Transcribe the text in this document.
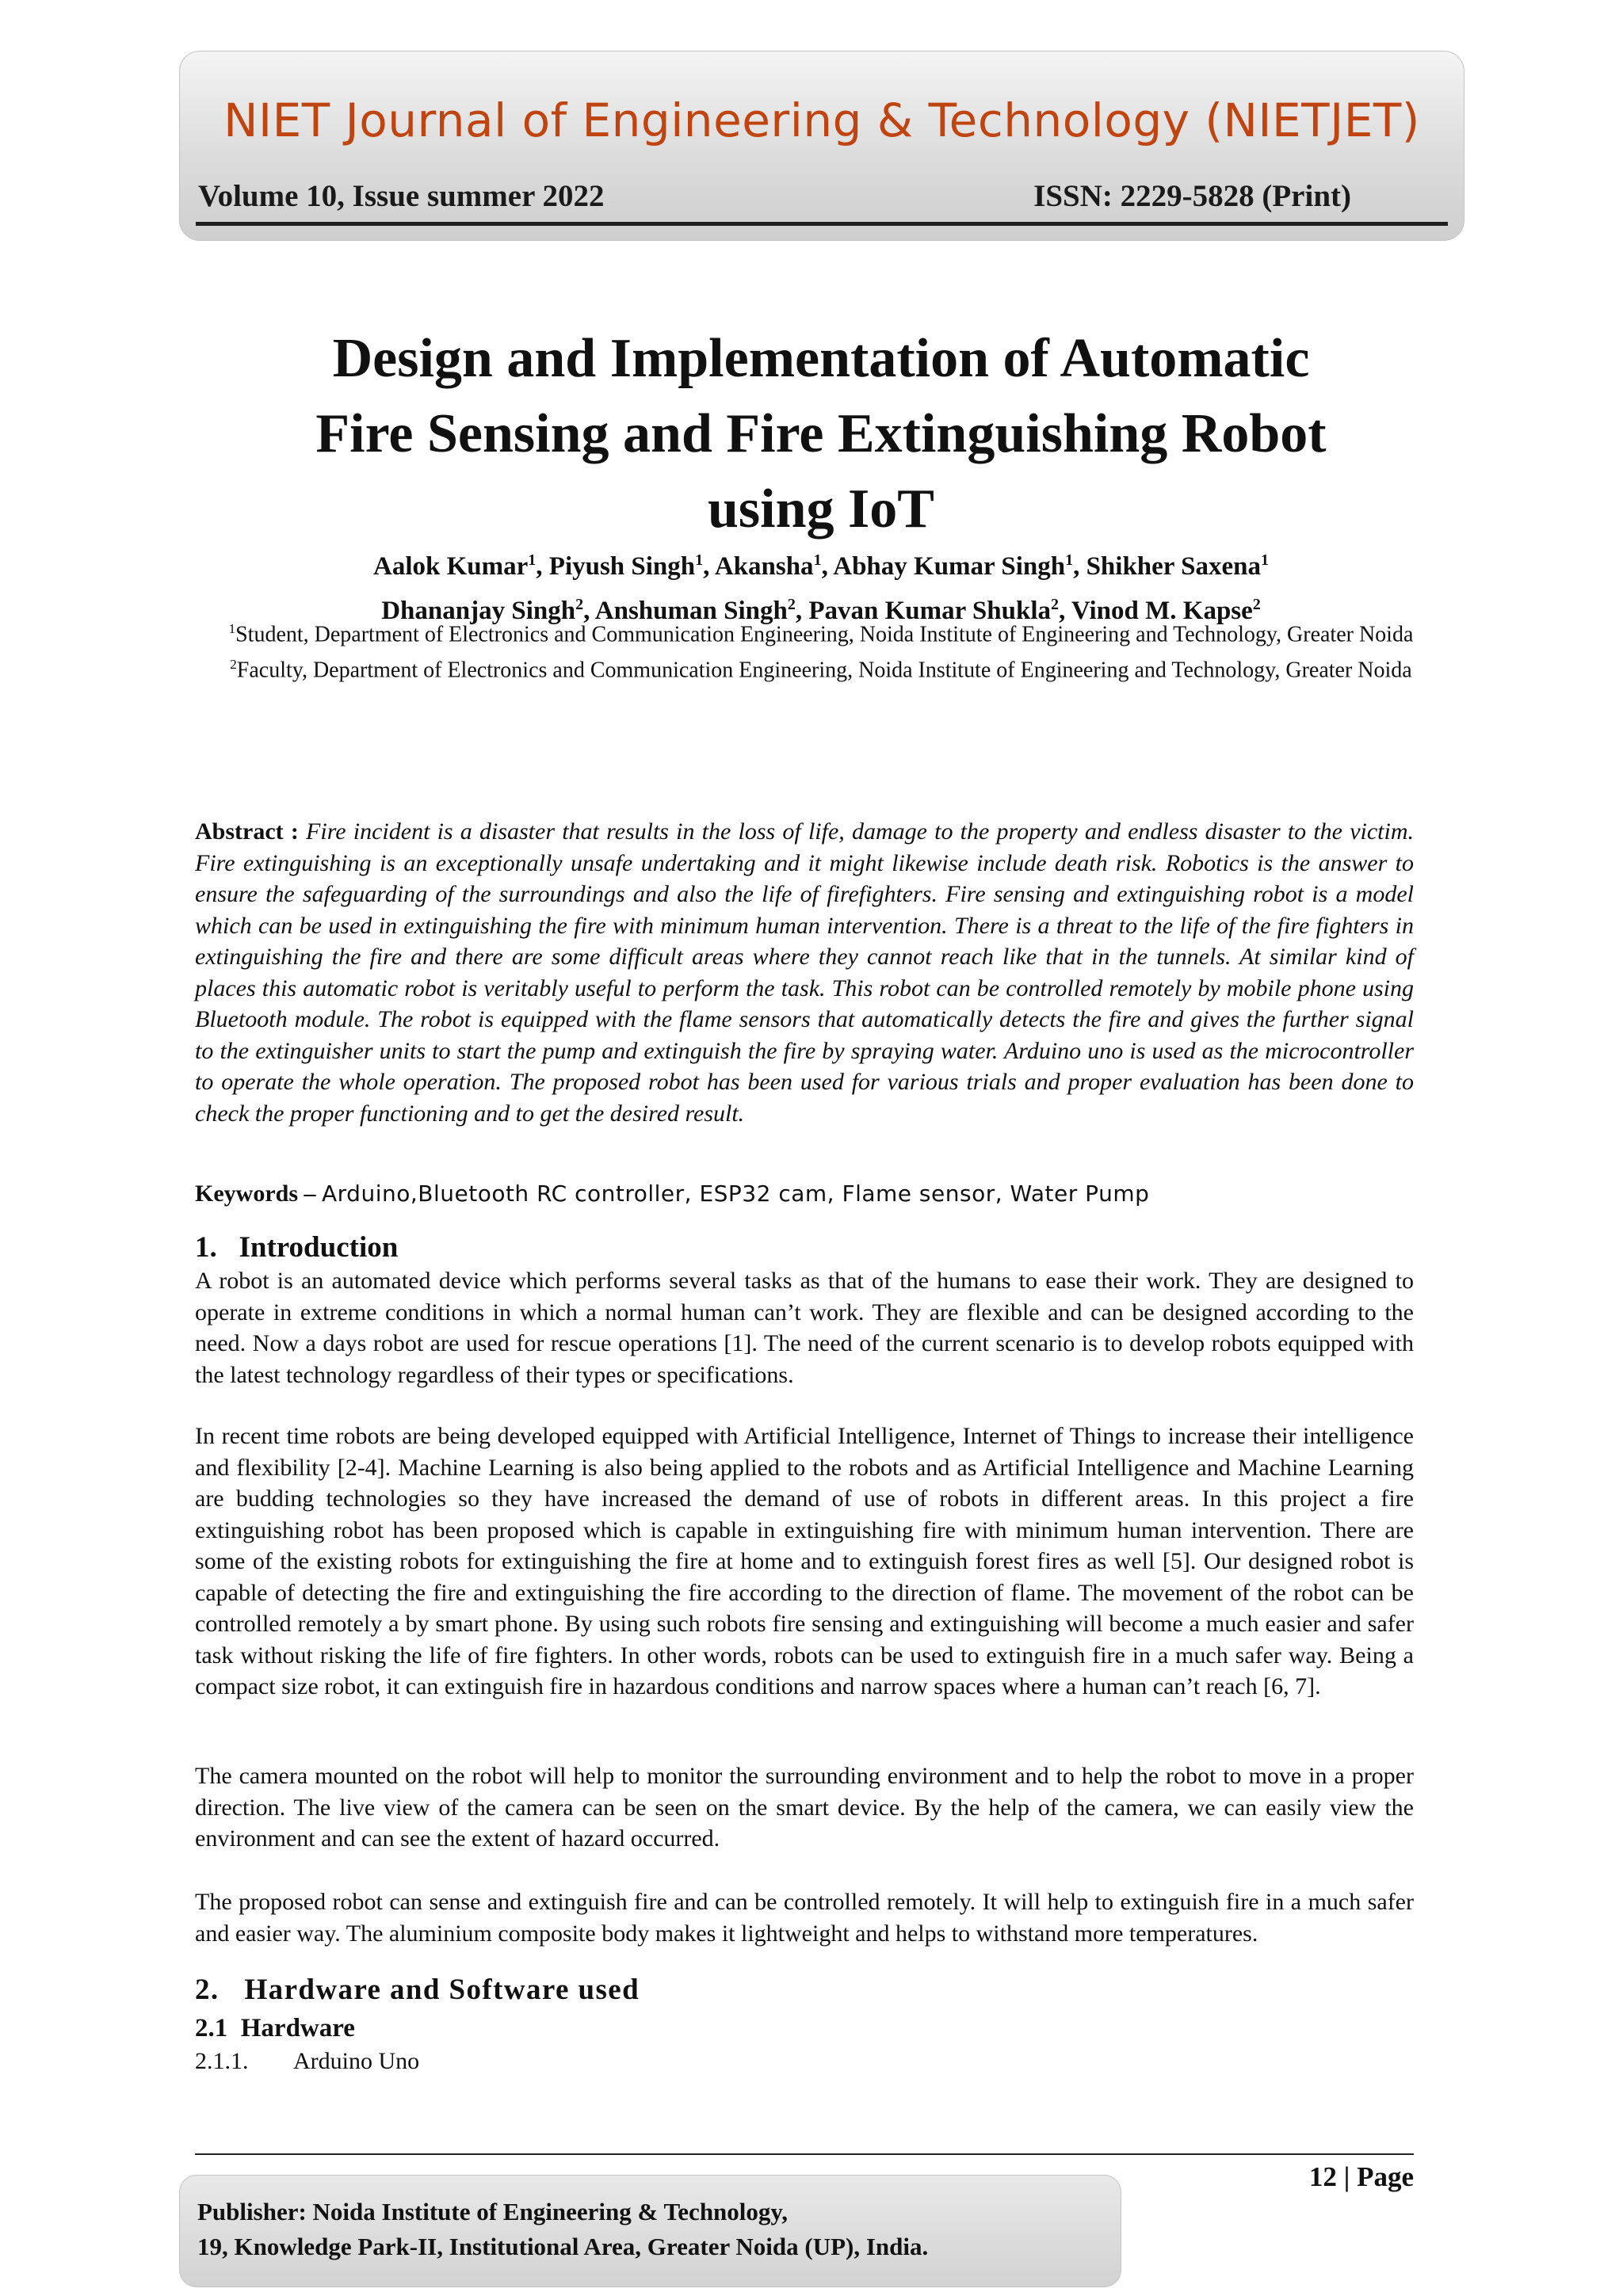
NIET Journal of Engineering & Technology (NIETJET)
Volume 10, Issue summer 2022	ISSN: 2229-5828 (Print)
Design and Implementation of Automatic
Fire Sensing and Fire Extinguishing Robot
using IoT
Aalok Kumar$^1$, Piyush Singh$^1$, Akansha$^1$, Abhay Kumar Singh$^1$, Shikher Saxena$^1$
Dhananjay Singh$^2$, Anshuman Singh$^2$, Pavan Kumar Shukla$^2$, Vinod M. Kapse$^2$
$^1$Student, Department of Electronics and Communication Engineering, Noida Institute of Engineering and Technology, Greater Noida
$^2$Faculty, Department of Electronics and Communication Engineering, Noida Institute of Engineering and Technology, Greater Noida
Abstract : Fire incident is a disaster that results in the loss of life, damage to the property and endless disaster to the victim. Fire extinguishing is an exceptionally unsafe undertaking and it might likewise include death risk. Robotics is the answer to ensure the safeguarding of the surroundings and also the life of firefighters. Fire sensing and extinguishing robot is a model which can be used in extinguishing the fire with minimum human intervention. There is a threat to the life of the fire fighters in extinguishing the fire and there are some difficult areas where they cannot reach like that in the tunnels. At similar kind of places this automatic robot is veritably useful to perform the task. This robot can be controlled remotely by mobile phone using Bluetooth module. The robot is equipped with the flame sensors that automatically detects the fire and gives the further signal to the extinguisher units to start the pump and extinguish the fire by spraying water. Arduino uno is used as the microcontroller to operate the whole operation. The proposed robot has been used for various trials and proper evaluation has been done to check the proper functioning and to get the desired result.
Keywords – Arduino,Bluetooth RC controller, ESP32 cam, Flame sensor, Water Pump
1.   Introduction
A robot is an automated device which performs several tasks as that of the humans to ease their work. They are designed to operate in extreme conditions in which a normal human can’t work. They are flexible and can be designed according to the need. Now a days robot are used for rescue operations [1]. The need of the current scenario is to develop robots equipped with the latest technology regardless of their types or specifications.
In recent time robots are being developed equipped with Artificial Intelligence, Internet of Things to increase their intelligence and flexibility [2-4]. Machine Learning is also being applied to the robots and as Artificial Intelligence and Machine Learning are budding technologies so they have increased the demand of use of robots in different areas. In this project a fire extinguishing robot has been proposed which is capable in extinguishing fire with minimum human intervention. There are some of the existing robots for extinguishing the fire at home and to extinguish forest fires as well [5]. Our designed robot is capable of detecting the fire and extinguishing the fire according to the direction of flame. The movement of the robot can be controlled remotely a by smart phone. By using such robots fire sensing and extinguishing will become a much easier and safer task without risking the life of fire fighters. In other words, robots can be used to extinguish fire in a much safer way. Being a compact size robot, it can extinguish fire in hazardous conditions and narrow spaces where a human can’t reach [6, 7].
The camera mounted on the robot will help to monitor the surrounding environment and to help the robot to move in a proper direction. The live view of the camera can be seen on the smart device. By the help of the camera, we can easily view the environment and can see the extent of hazard occurred.
The proposed robot can sense and extinguish fire and can be controlled remotely. It will help to extinguish fire in a much safer and easier way. The aluminium composite body makes it lightweight and helps to withstand more temperatures.
2.   Hardware and Software used
2.1  Hardware
2.1.1. Arduino Uno
12 | Page
Publisher: Noida Institute of Engineering & Technology,
19, Knowledge Park-II, Institutional Area, Greater Noida (UP), India.
